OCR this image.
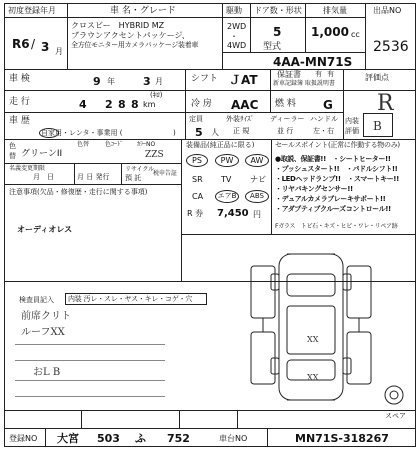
初度登録年月
R6 / 3 月
車 名・グレード	駆動 ドア数・形状	排気量	出品NO
クロスビー　HYBRID MZ
ブラウンアクセントパッケージ、
全方位モニター用カメラパッケージ装着車
2WD
・
4WD
5 1,000 cc
型式
4AA-MN71S
2536
車 検	9 年	3 月	シフト ＪAT 保証書
新車記録簿 取扱説明書
有 有	評価点
走 行	4 2 8 8 km
(ｷﾛ)
冷 房 AAC 燃 料 G R
車 歴
自家用・レンタ・事業用 (	)
定員
5 人
外装ｻｲｽﾞ
正 規
ディーラー
並 行
ハンドル
左・右
内装
評価 B
色
替 グリーンII
色替	色ｺｰﾄﾞ ｶﾗｰNO
ZZS
名義変更期限
月　日	月 日 発行
リサイクル
預 託
税申告証
注意事項(欠品・修復歴・走行に関する事項)
オーディオレス
装備品(純正品に限る)
PS	PW	AW
SR TV ナビ
CA	エアB	ABS
R 券 7,450 円
セールスポイント(正常に作動する物のみ)
●取説、保証書!!　・シートヒーター!!
・プッシュスタート!!　・パドルシフト!!
・LEDヘッドランプ!!　・スマートキー!!
・リヤバキングセンサー!!
・デュアルカメラブレーキサポート!!
・アダプティブクルーズコントロール!!
Fガラス　トビ石・キズ・ヒビ・ワレ・リペア跡
検査員記入 内装 汚レ・スレ・ヤス・キレ・コゲ・穴
前席クリト
ルーフXX
おL B
XX
XX
スペア
登録NO 大宮 503 ふ 752	車台NO	MN71S-318267
